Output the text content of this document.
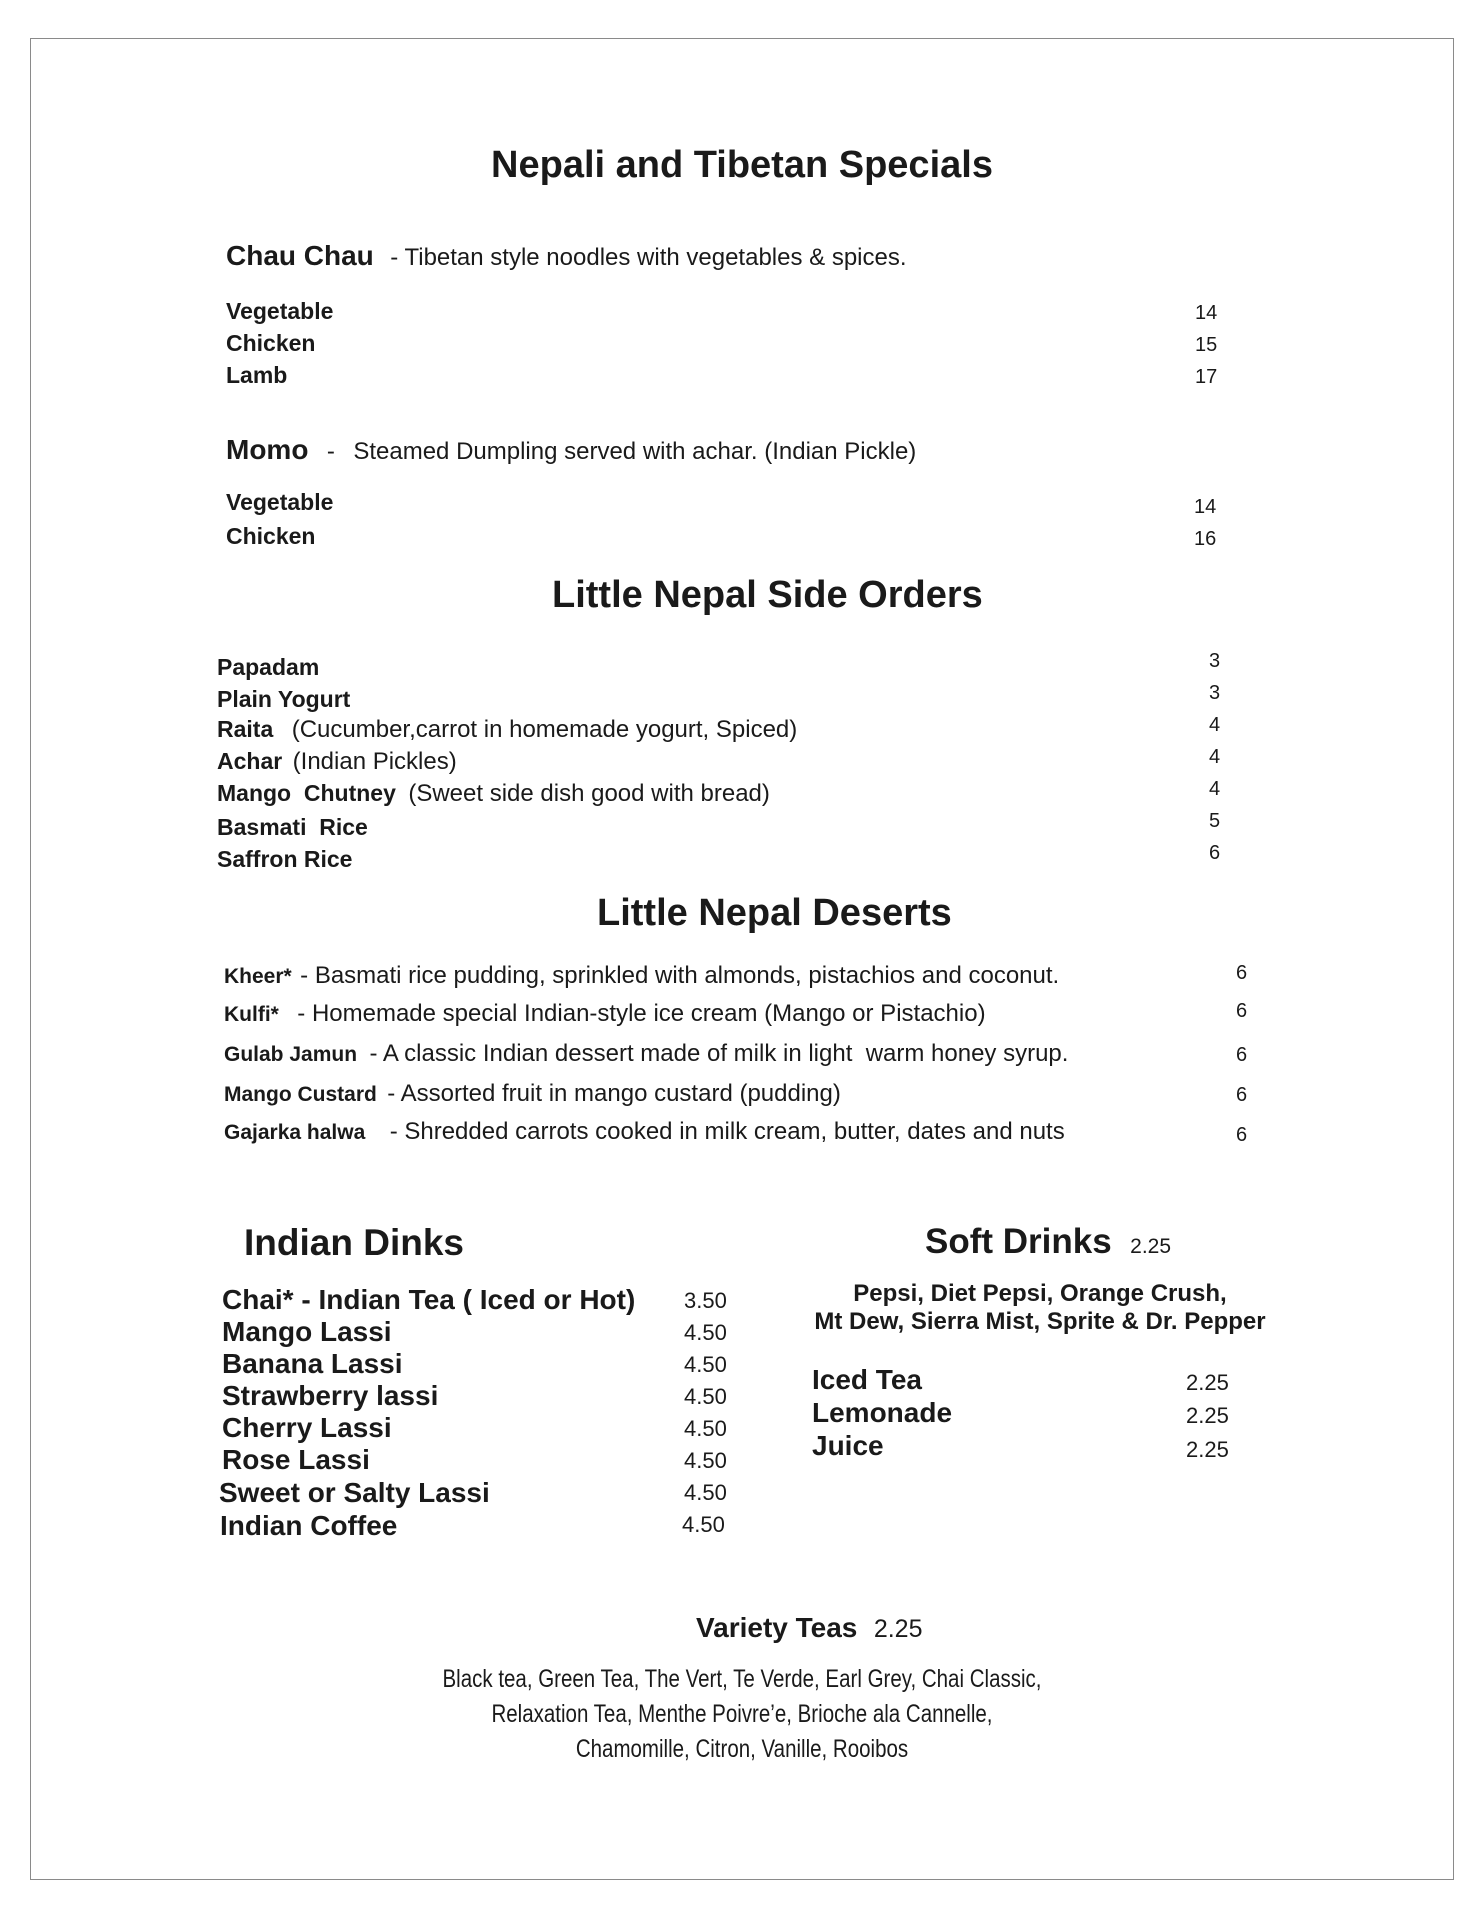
Nepali and Tibetan Specials
Chau Chau - Tibetan style noodles with vegetables & spices.
Vegetable	14
Chicken	15
Lamb	17
Momo - Steamed Dumpling served with achar. (Indian Pickle)
Vegetable	14
Chicken	16
Little Nepal Side Orders
Papadam	3
Plain Yogurt	3
Raita (Cucumber,carrot in homemade yogurt, Spiced)	4
Achar (Indian Pickles)	4
Mango  Chutney (Sweet side dish good with bread)	4
Basmati  Rice	5
Saffron Rice	6
Little Nepal Deserts
Kheer* - Basmati rice pudding, sprinkled with almonds, pistachios and coconut.	6
Kulfi* - Homemade special Indian-style ice cream (Mango or Pistachio)	6
Gulab Jamun - A classic Indian dessert made of milk in light  warm honey syrup.	6
Mango Custard - Assorted fruit in mango custard (pudding)	6
Gajarka halwa - Shredded carrots cooked in milk cream, butter, dates and nuts	6
Indian Dinks
Chai* - Indian Tea ( Iced or Hot) 3.50
Mango Lassi	4.50
Banana Lassi	4.50
Strawberry lassi	4.50
Cherry Lassi	4.50
Rose Lassi	4.50
Sweet or Salty Lassi	4.50
Indian Coffee	4.50
Soft Drinks 2.25
Pepsi, Diet Pepsi, Orange Crush,
Mt Dew, Sierra Mist, Sprite & Dr. Pepper
Iced Tea	2.25
Lemonade	2.25
Juice	2.25
Variety Teas 2.25
Black tea, Green Tea, The Vert, Te Verde, Earl Grey, Chai Classic,
Relaxation Tea, Menthe Poivre’e, Brioche ala Cannelle,
Chamomille, Citron, Vanille, Rooibos
